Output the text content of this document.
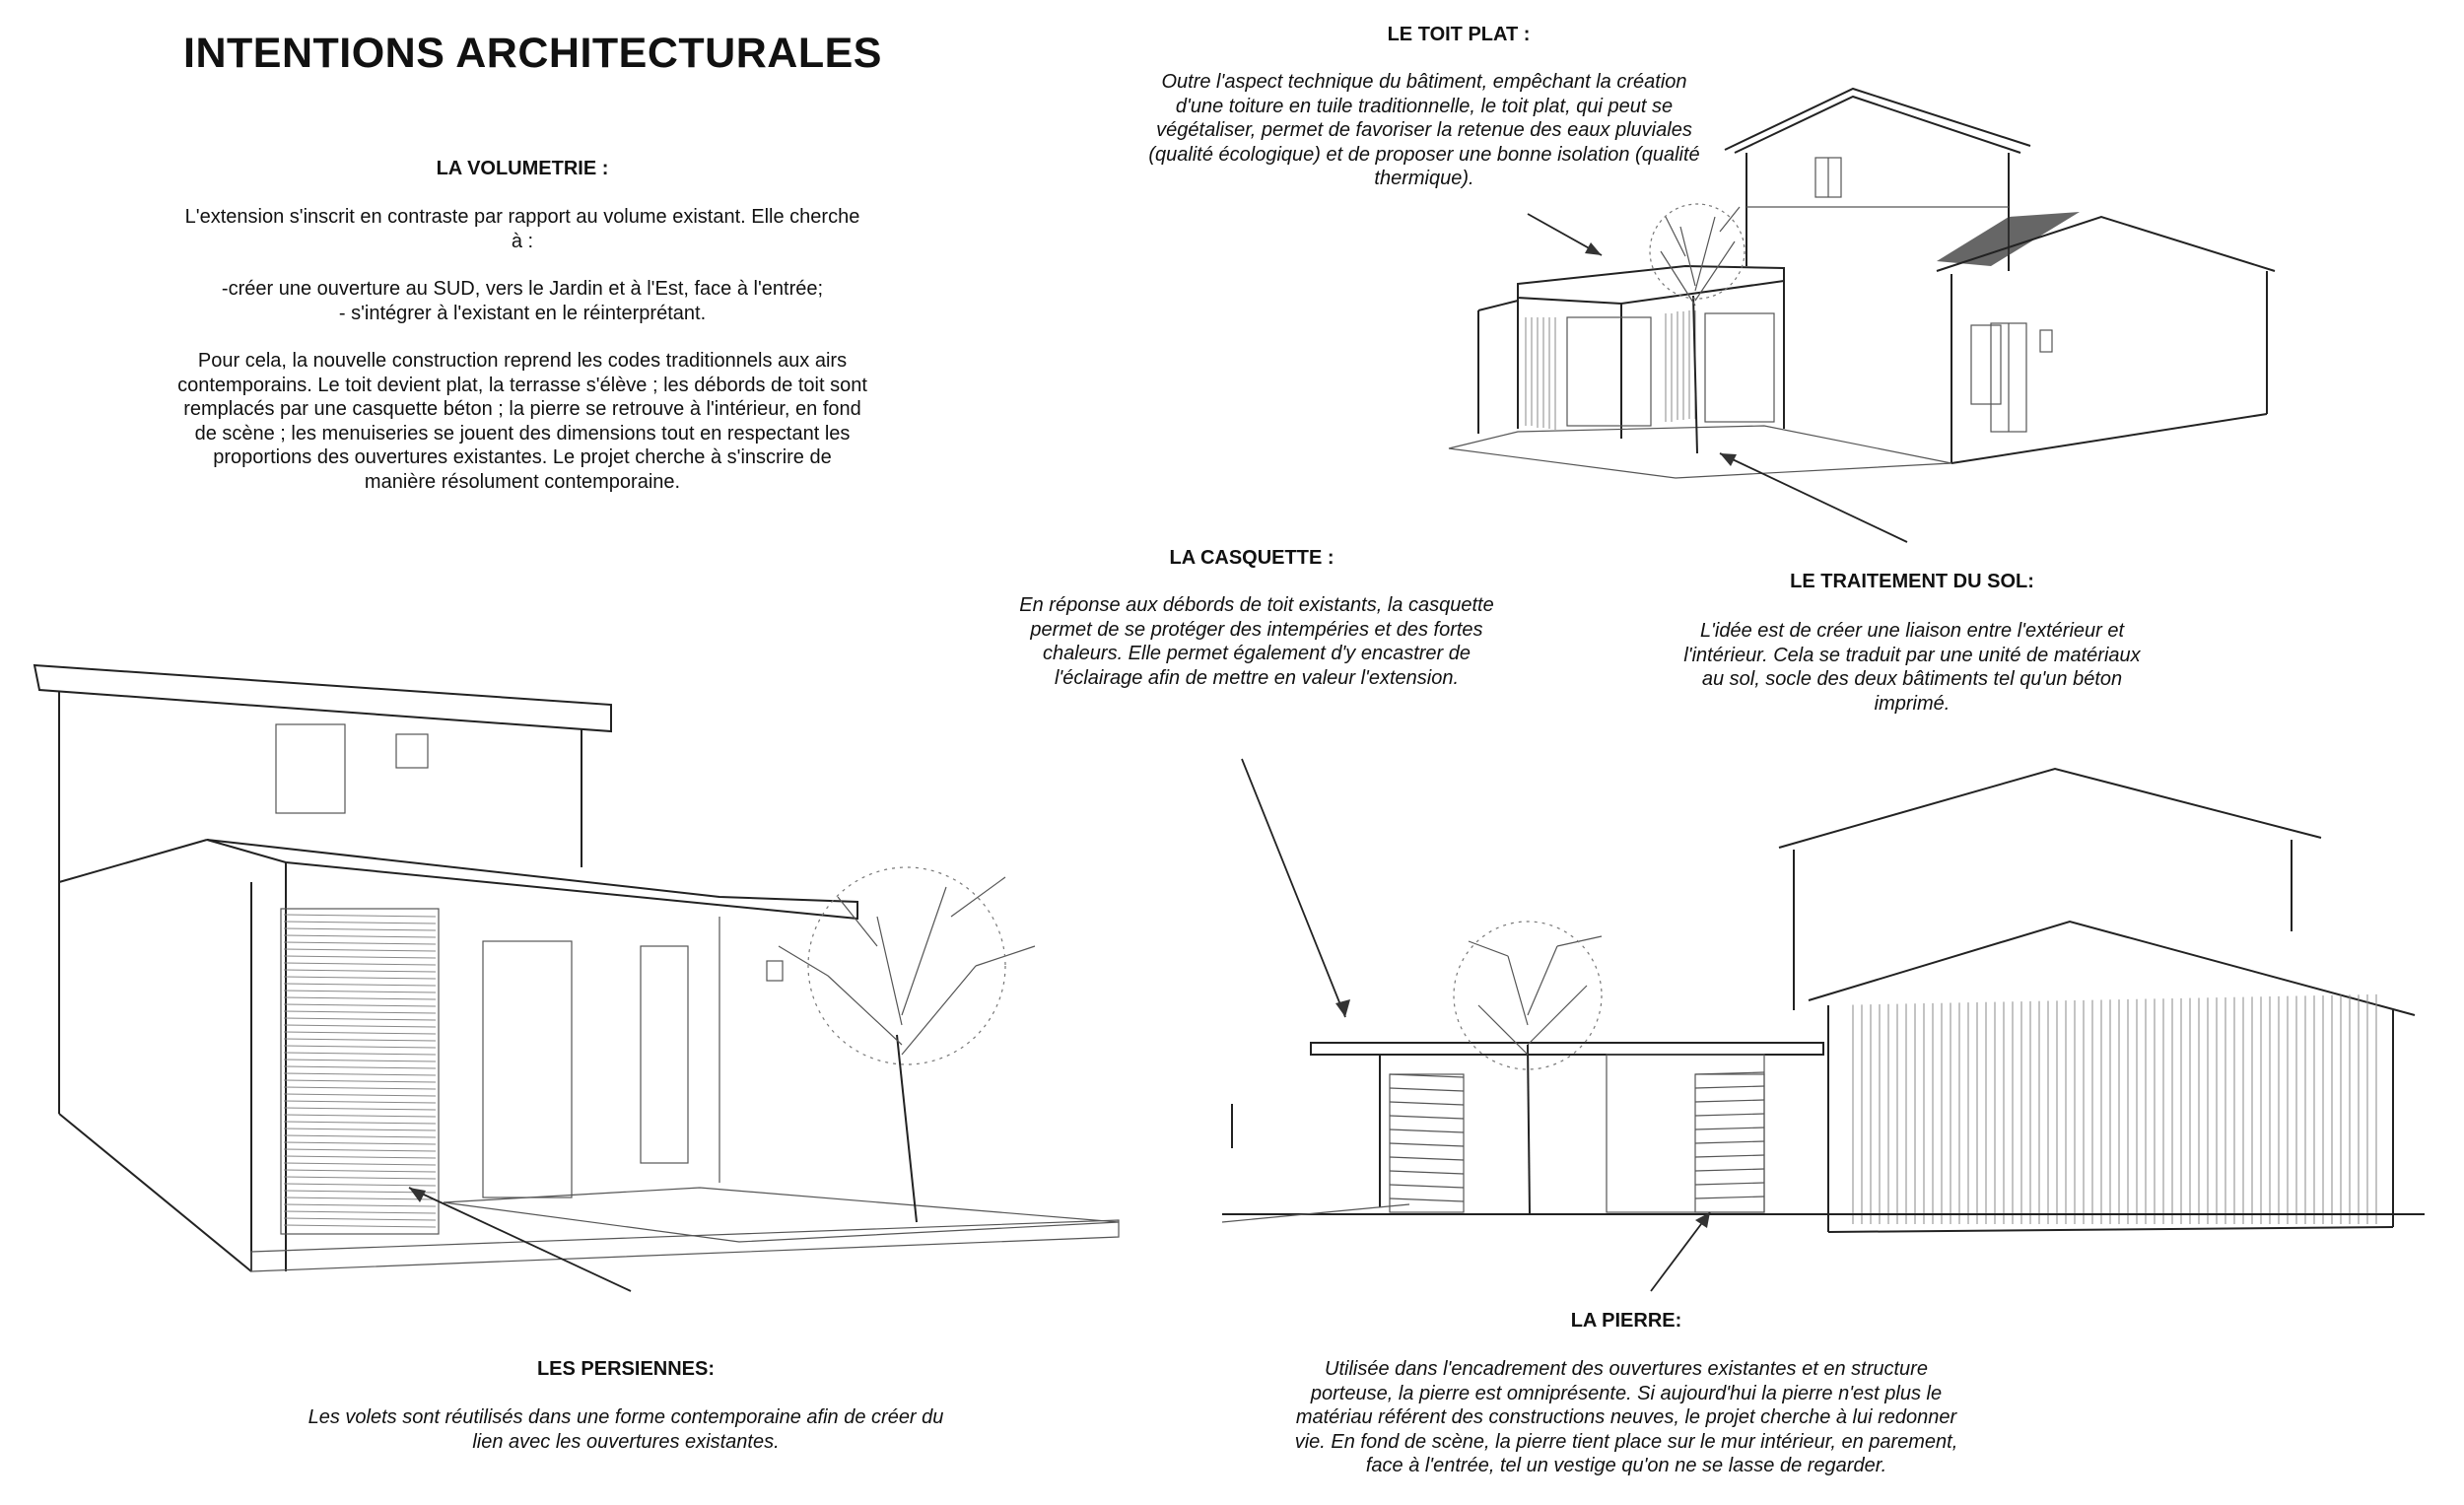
INTENTIONS ARCHITECTURALES
LA VOLUMETRIE :

L'extension s'inscrit en contraste par rapport au volume existant. Elle cherche à :

-créer une ouverture au SUD, vers le Jardin et à l'Est, face à l'entrée;
- s'intégrer à l'existant en le réinterprétant.

Pour cela, la nouvelle construction reprend les codes traditionnels aux airs contemporains. Le toit devient plat, la terrasse s'élève ; les débords de toit sont remplacés par une casquette béton ; la pierre se retrouve à l'intérieur, en fond de scène ; les menuiseries se jouent des dimensions tout en respectant les proportions des ouvertures existantes. Le projet cherche à s'inscrire de manière résolument contemporaine.

LE TOIT PLAT :
Outre l'aspect technique du bâtiment, empêchant la création d'une toiture en tuile traditionnelle, le toit plat, qui peut se végétaliser, permet de favoriser la retenue des eaux pluviales (qualité écologique) et de proposer une bonne isolation (qualité thermique).
LA CASQUETTE :
En réponse aux débords de toit existants, la casquette permet de se protéger des intempéries et des fortes chaleurs. Elle permet également d'y encastrer de l'éclairage afin de mettre en valeur l'extension.
LE TRAITEMENT DU SOL:
L'idée est de créer une liaison entre l'extérieur et l'intérieur. Cela se traduit par une unité de matériaux au sol, socle des deux bâtiments tel qu'un béton imprimé.
LES PERSIENNES:
Les volets sont réutilisés dans une forme contemporaine afin de créer du lien avec les ouvertures existantes.
LA PIERRE:
Utilisée dans l'encadrement des ouvertures existantes et en structure porteuse, la pierre est omniprésente. Si aujourd'hui la pierre n'est plus le matériau référent des constructions neuves, le projet cherche à lui redonner vie. En fond de scène, la pierre tient place sur le mur intérieur, en parement, face à l'entrée, tel un vestige qu'on ne se lasse de regarder.
